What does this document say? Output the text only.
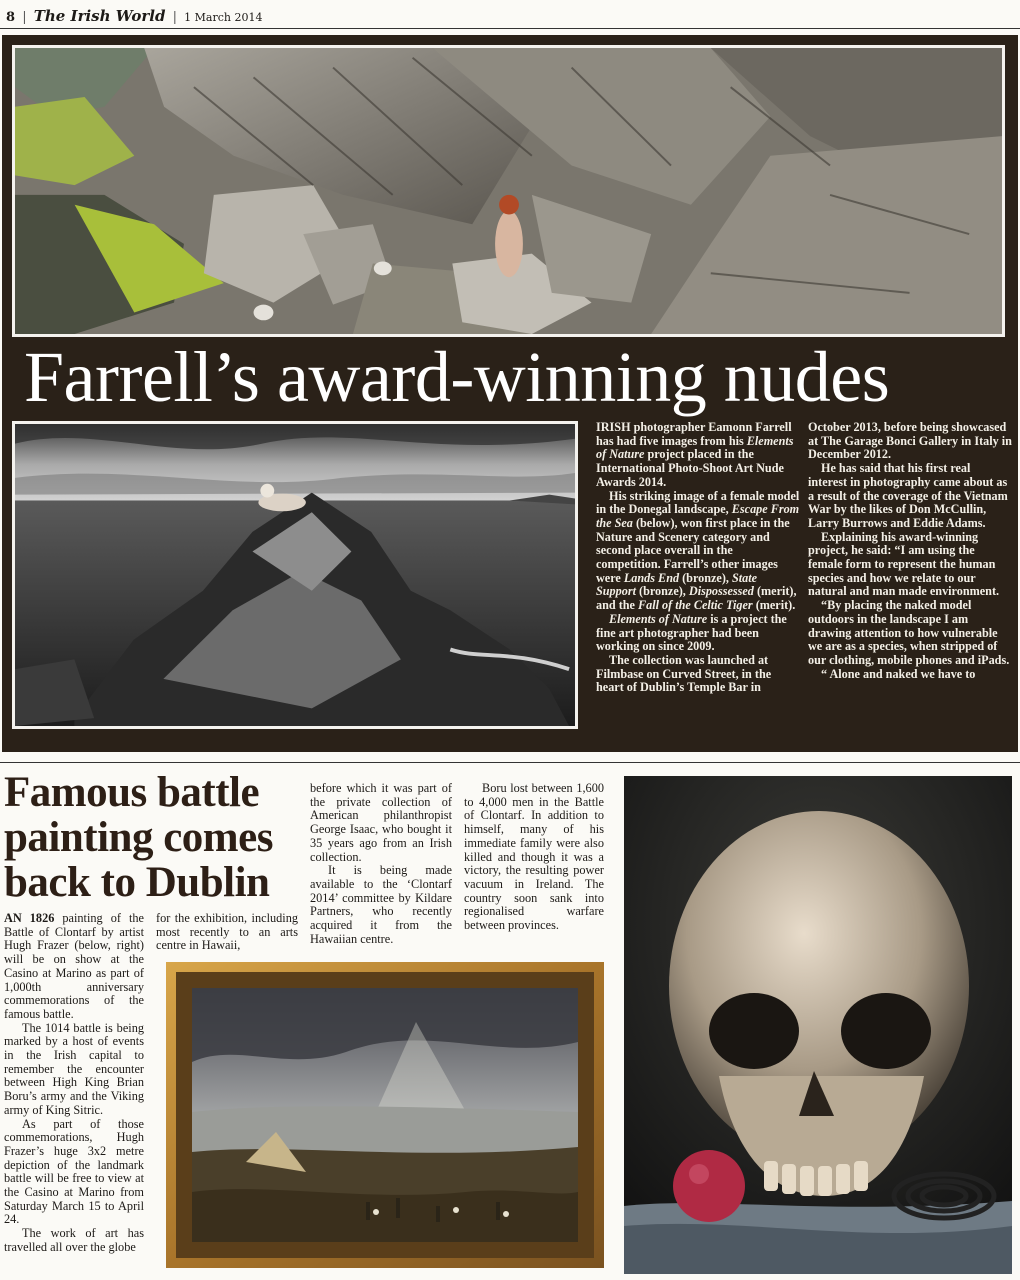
8 | The Irish World | 1 March 2014
Farrell’s award-winning nudes

IRISH photographer Eamonn Farrell has had five images from his Elements of Nature project placed in the International Photo-Shoot Art Nude Awards 2014.

His striking image of a female model in the Donegal landscape, Escape From the Sea (below), won first place in the Nature and Scenery category and second place overall in the competition. Farrell’s other images were Lands End (bronze), State Support (bronze), Dispossessed (merit), and the Fall of the Celtic Tiger (merit).

Elements of Nature is a project the fine art photographer had been working on since 2009.

The collection was launched at Filmbase on Curved Street, in the heart of Dublin’s Temple Bar in

October 2013, before being showcased at The Garage Bonci Gallery in Italy in December 2012.

He has said that his first real interest in photography came about as a result of the coverage of the Vietnam War by the likes of Don McCullin, Larry Burrows and Eddie Adams.

Explaining his award-winning project, he said: “I am using the female form to represent the human species and how we relate to our natural and man made environment.

“By placing the naked model outdoors in the landscape I am drawing attention to how vulnerable we are as a species, when stripped of our clothing, mobile phones and iPads.

“ Alone and naked we have to

Famous battle painting comes back to Dublin

AN 1826 painting of the Battle of Clontarf by artist Hugh Frazer (below, right) will be on show at the Casino at Marino as part of 1,000th anniversary commemorations of the famous battle.

The 1014 battle is being marked by a host of events in the Irish capital to remember the encounter between High King Brian Boru’s army and the Viking army of King Sitric.

As part of those commemorations, Hugh Frazer’s huge 3x2 metre depiction of the landmark battle will be free to view at the Casino at Marino from Saturday March 15 to April 24.

The work of art has travelled all over the globe

for the exhibition, including most recently to an arts centre in Hawaii,

before which it was part of the private collection of American philanthropist George Isaac, who bought it 35 years ago from an Irish collection.

It is being made available to the ‘Clontarf 2014’ committee by Kildare Partners, who recently acquired it from the Hawaiian centre.

Boru lost between 1,600 to 4,000 men in the Battle of Clontarf. In addition to himself, many of his immediate family were also killed and though it was a victory, the resulting power vacuum in Ireland. The country soon sank into regionalised warfare between provinces.
